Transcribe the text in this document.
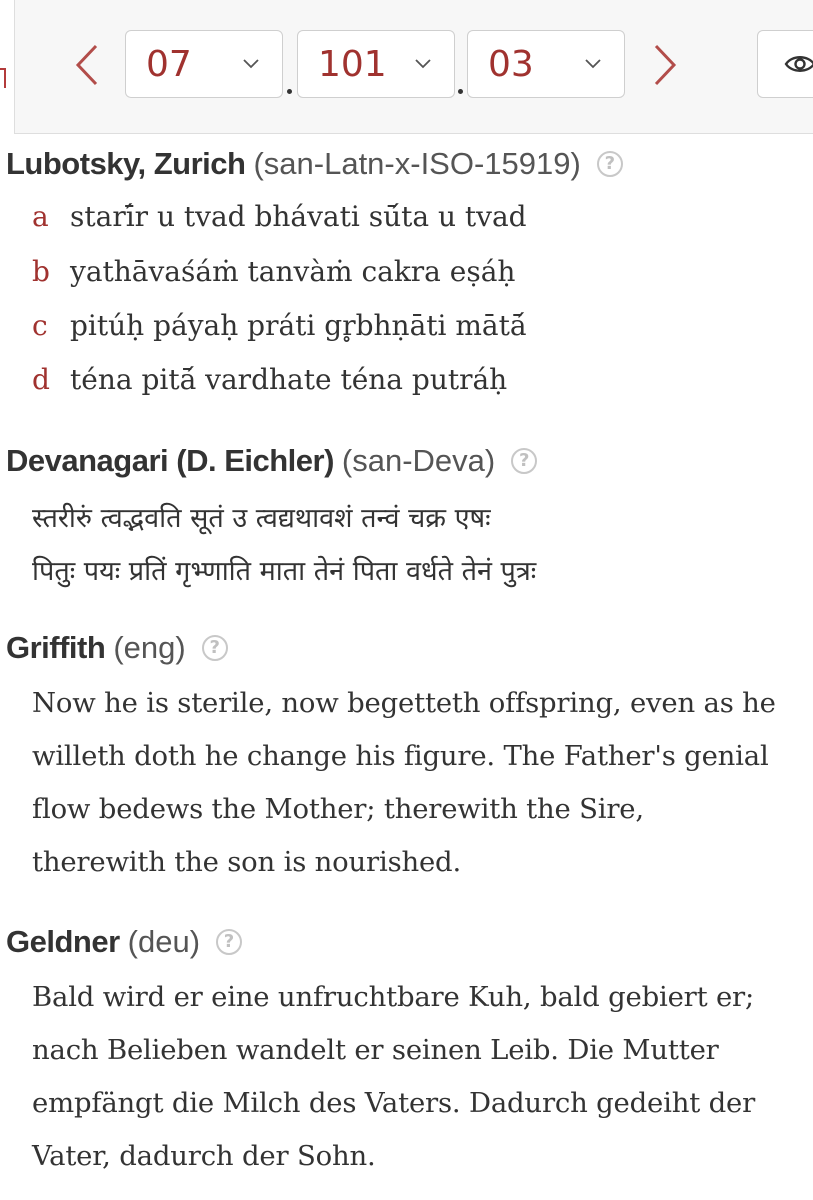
07	101	03
Lubotsky, Zurich (san-Latn-x-ISO-15919)	?
a starī́r u tvad bhávati sū́ta u tvad
b yathāvaśáṁ tanvàṁ cakra eṣáḥ
c pitúḥ páyaḥ práti gr̥bhṇāti mātā́
d téna pitā́ vardhate téna putráḥ
Devanagari (D. Eichler) (san-Deva)	?
स्तरीरुं त्वद्भवति सूतं उ त्वद्यथावशं तन्वं चक्र एषः
पितुः पयः प्रतिं गृभ्णाति माता तेनं पिता वर्धते तेनं पुत्रः
Griffith (eng)	?
Now he is sterile, now begetteth offspring, even as he
willeth doth he change his figure. The Father's genial
flow bedews the Mother; therewith the Sire,
therewith the son is nourished.
Geldner (deu)	?
Bald wird er eine unfruchtbare Kuh, bald gebiert er;
nach Belieben wandelt er seinen Leib. Die Mutter
empfängt die Milch des Vaters. Dadurch gedeiht der
Vater, dadurch der Sohn.
